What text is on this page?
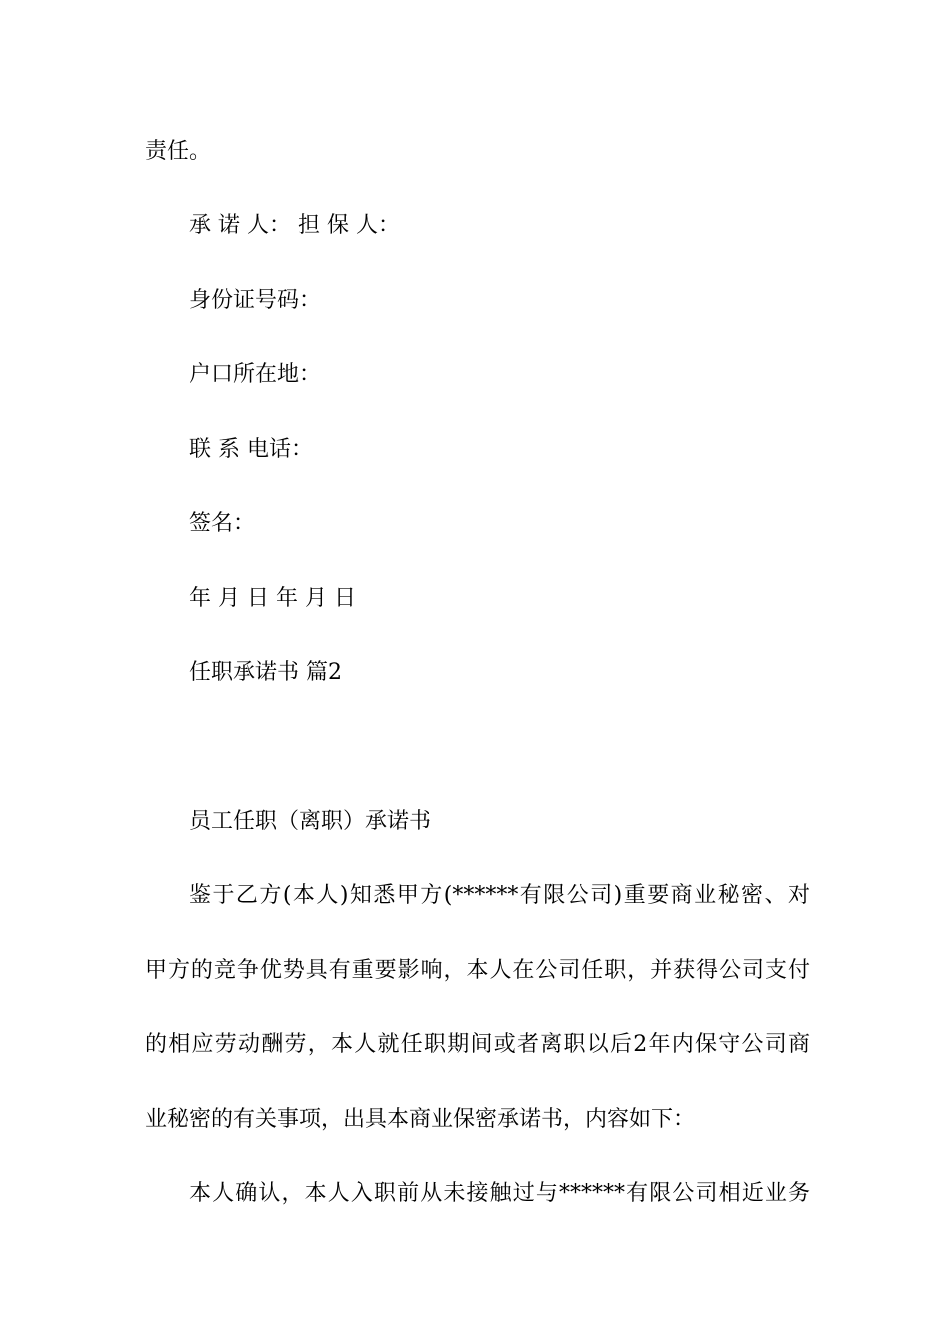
责任。
承 诺 人： 担 保 人：
身份证号码：
户口所在地：
联 系 电话：
签名：
年 月 日 年 月 日
任职承诺书 篇2
员工任职（离职）承诺书
鉴于乙方(本人)知悉甲方(******有限公司)重要商业秘密、对
甲方的竞争优势具有重要影响，本人在公司任职，并获得公司支付
的相应劳动酬劳，本人就任职期间或者离职以后2年内保守公司商
业秘密的有关事项，出具本商业保密承诺书，内容如下：
本人确认，本人入职前从未接触过与******有限公司相近业务
